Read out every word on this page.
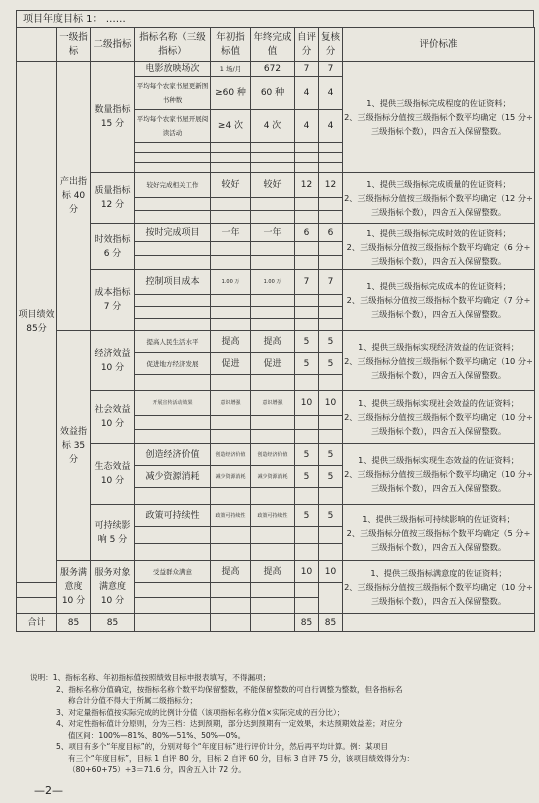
项目年度目标 1： ……
	一级指标	二级指标	指标名称（三级指标）	年初指标值	年终完成值	自评分	复核分	评价标准
项目绩效85分	产出指标 40 分	数量指标 15 分	电影放映场次	1 场/月	672	7	7	1、提供三级指标完成程度的佐证资料；
2、三级指标分值按三级指标个数平均确定（15 分÷三级指标个数），四舍五入保留整数。
			平均每个农家书屋更新图书种数	≥60 种	60 种	4	4	
			平均每个农家书屋开展阅读活动	≥4 次	4 次	4	4	

		质量指标 12 分	较好完成相关工作	较好	较好	12	12	1、提供三级指标完成质量的佐证资料；
2、三级指标分值按三级指标个数平均确定（12 分÷三级指标个数），四舍五入保留整数。

		时效指标 6 分	按时完成项目	一年	一年	6	6	1、提供三级指标完成时效的佐证资料；
2、三级指标分值按三级指标个数平均确定（6 分÷三级指标个数），四舍五入保留整数。

		成本指标 7 分	控制项目成本	1.00 万	1.00 万	7	7	1、提供三级指标完成成本的佐证资料；
2、三级指标分值按三级指标个数平均确定（7 分÷三级指标个数），四舍五入保留整数。

	效益指标 35 分	经济效益 10 分	提高人民生活水平	提高	提高	5	5	1、提供三级指标实现经济效益的佐证资料；
2、三级指标分值按三级指标个数平均确定（10 分÷三级指标个数），四舍五入保留整数。
			促进地方经济发展	促进	促进	5	5	

		社会效益 10 分	开展宣传活动效果	意识增强	意识增强	10	10	1、提供三级指标实现社会效益的佐证资料；
2、三级指标分值按三级指标个数平均确定（10 分÷三级指标个数），四舍五入保留整数。

		生态效益 10 分	创造经济价值	创造经济价值	创造经济价值	5	5	1、提供三级指标实现生态效益的佐证资料；
2、三级指标分值按三级指标个数平均确定（10 分÷三级指标个数），四舍五入保留整数。
			减少资源消耗	减少资源消耗	减少资源消耗	5	5	

		可持续影响 5 分	政策可持续性	政策可持续性	政策可持续性	5	5	1、提供三级指标可持续影响的佐证资料；
2、三级指标分值按三级指标个数平均确定（5 分÷三级指标个数），四舍五入保留整数。

	服务满意度 10 分	服务对象满意度 10 分	受益群众满意	提高	提高	10	10	1、提供三级指标满意度的佐证资料；
2、三级指标分值按三级指标个数平均确定（10 分÷三级指标个数），四舍五入保留整数。

合计	85	85				85	85	
说明：1、指标名称、年初指标值按照绩效目标申报表填写，不得漏项；
2、指标名称分值确定，按指标名称个数平均保留整数，不能保留整数的可自行调整为整数，但各指标名
称合计分值不得大于所属二级指标分；
3、对定量指标值按实际完成的比例计分值（该项指标名称分值×实际完成的百分比）；
4、对定性指标值计分原则，分为三档：达到预期，部分达到预期有一定效果，未达预期效益差；对应分
值区间：100%—81%、80%—51%、50%—0%。
5、项目有多个“年度目标”的，分别对每个“年度目标”进行评价计分，然后再平均计算。例：某项目
有三个“年度目标”，目标 1 自评 80 分，目标 2 自评 60 分，目标 3 自评 75 分，该项目绩效得分为：
（80+60+75）÷3＝71.6 分，四舍五入计 72 分。
—2—
